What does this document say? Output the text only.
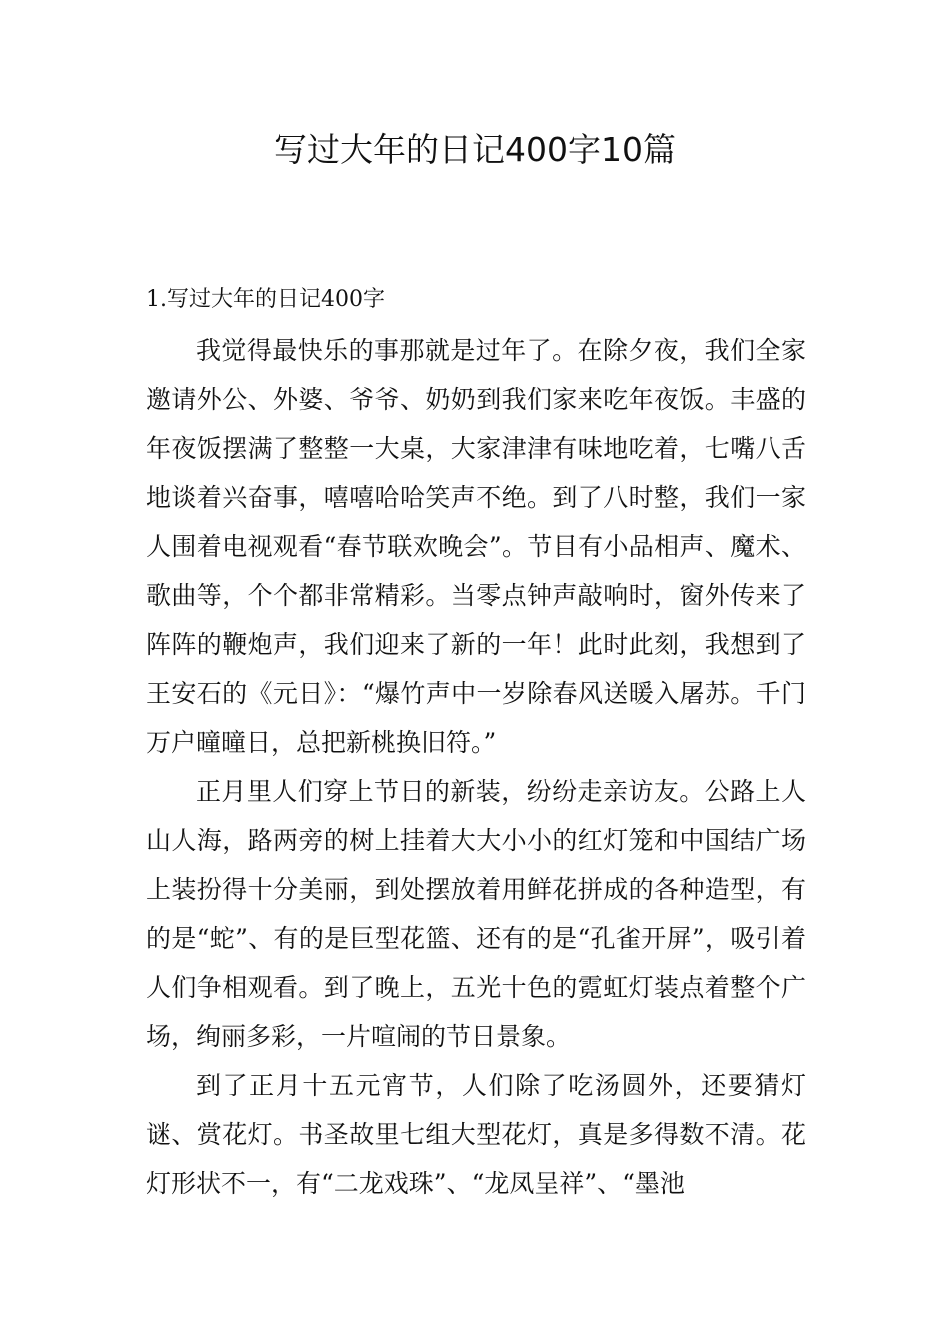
写过大年的日记400字10篇
1.写过大年的日记400字

我觉得最快乐的事那就是过年了。在除夕夜，我们全家邀请外公、外婆、爷爷、奶奶到我们家来吃年夜饭。丰盛的年夜饭摆满了整整一大桌，大家津津有味地吃着，七嘴八舌地谈着兴奋事，嘻嘻哈哈笑声不绝。到了八时整，我们一家人围着电视观看“春节联欢晚会”。节目有小品相声、魔术、歌曲等，个个都非常精彩。当零点钟声敲响时，窗外传来了阵阵的鞭炮声，我们迎来了新的一年！此时此刻，我想到了王安石的《元日》：“爆竹声中一岁除春风送暖入屠苏。千门万户曈曈日，总把新桃换旧符。”

正月里人们穿上节日的新装，纷纷走亲访友。公路上人山人海，路两旁的树上挂着大大小小的红灯笼和中国结广场上装扮得十分美丽，到处摆放着用鲜花拼成的各种造型，有的是“蛇”、有的是巨型花篮、还有的是“孔雀开屏”，吸引着人们争相观看。到了晚上，五光十色的霓虹灯装点着整个广场，绚丽多彩，一片喧闹的节日景象。

到了正月十五元宵节，人们除了吃汤圆外，还要猜灯谜、赏花灯。书圣故里七组大型花灯，真是多得数不清。花灯形状不一，有“二龙戏珠”、“龙凤呈祥”、“墨池
